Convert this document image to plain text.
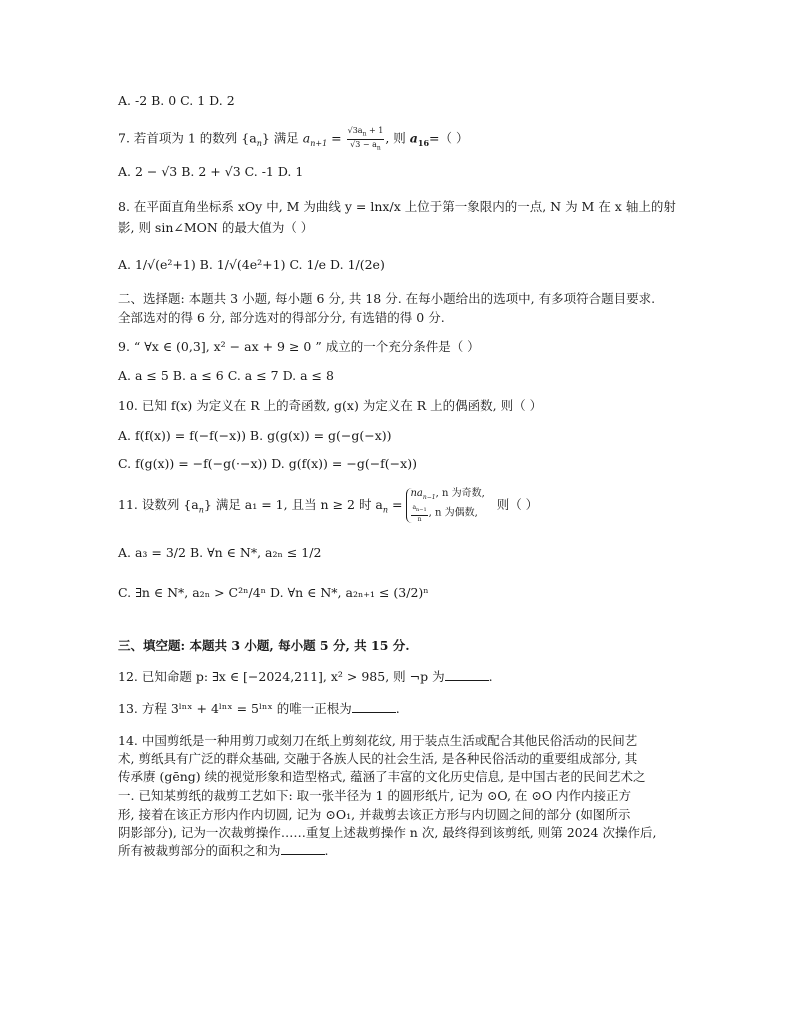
A. -2 B. 0 C. 1 D. 2
7. 若首项为 1 的数列 $\{a_n\}$ 满足 $a_{n+1} = \frac{√3a_n + 1}{√3 - a_n}$ , 则 $a_{16}=$（ ）
A. 2 − √3 B. 2 + √3 C. -1 D. 1
8. 在平面直角坐标系 xOy 中, M 为曲线 y = lnx/x 上位于第一象限内的一点, N 为 M 在 x 轴上的射
影, 则 sin∠MON 的最大值为（ ）
A. 1/√(e²+1) B. 1/√(4e²+1) C. 1/e D. 1/(2e)
二、选择题: 本题共 3 小题, 每小题 6 分, 共 18 分. 在每小题给出的选项中, 有多项符合题目要求.
全部选对的得 6 分, 部分选对的得部分分, 有选错的得 0 分.
9. “ ∀x ∈ (0,3], x² − ax + 9 ≥ 0 ” 成立的一个充分条件是（ ）
A. a ≤ 5 B. a ≤ 6 C. a ≤ 7 D. a ≤ 8
10. 已知 f(x) 为定义在 R 上的奇函数, g(x) 为定义在 R 上的偶函数, 则（ ）
A. f(f(x)) = f(−f(−x)) B. g(g(x)) = g(−g(−x))
C. f(g(x)) = −f(−g(·−x)) D. g(f(x)) = −g(−f(−x))
11. 设数列 $\{a_n\}$ 满足 a₁ = 1, 且当 n ≥ 2 时 $a_n$ =
$na_{n-1}$, n 为奇数,
$\frac{a_{n-1}}{n}$ , n 为偶数,
则（ ）
A. a₃ = 3/2 B. ∀n ∈ N*, a₂ₙ ≤ 1/2
C. ∃n ∈ N*, a₂ₙ > C²ⁿ/4ⁿ D. ∀n ∈ N*, a₂ₙ₊₁ ≤ (3/2)ⁿ
三、填空题: 本题共 3 小题, 每小题 5 分, 共 15 分.
12. 已知命题 p: ∃x ∈ [−2024,211], x² > 985, 则 ¬p 为	.
13. 方程 3ˡⁿˣ + 4ˡⁿˣ = 5ˡⁿˣ 的唯一正根为	.
14. 中国剪纸是一种用剪刀或刻刀在纸上剪刻花纹, 用于装点生活或配合其他民俗活动的民间艺
术, 剪纸具有广泛的群众基础, 交融于各族人民的社会生活, 是各种民俗活动的重要组成部分, 其
传承赓 (gēng) 续的视觉形象和造型格式, 蕴涵了丰富的文化历史信息, 是中国古老的民间艺术之
一. 已知某剪纸的裁剪工艺如下: 取一张半径为 1 的圆形纸片, 记为 ⊙O, 在 ⊙O 内作内接正方
形, 接着在该正方形内作内切圆, 记为 ⊙O₁, 并裁剪去该正方形与内切圆之间的部分 (如图所示
阴影部分), 记为一次裁剪操作……重复上述裁剪操作 n 次, 最终得到该剪纸, 则第 2024 次操作后,
所有被裁剪部分的面积之和为	.
